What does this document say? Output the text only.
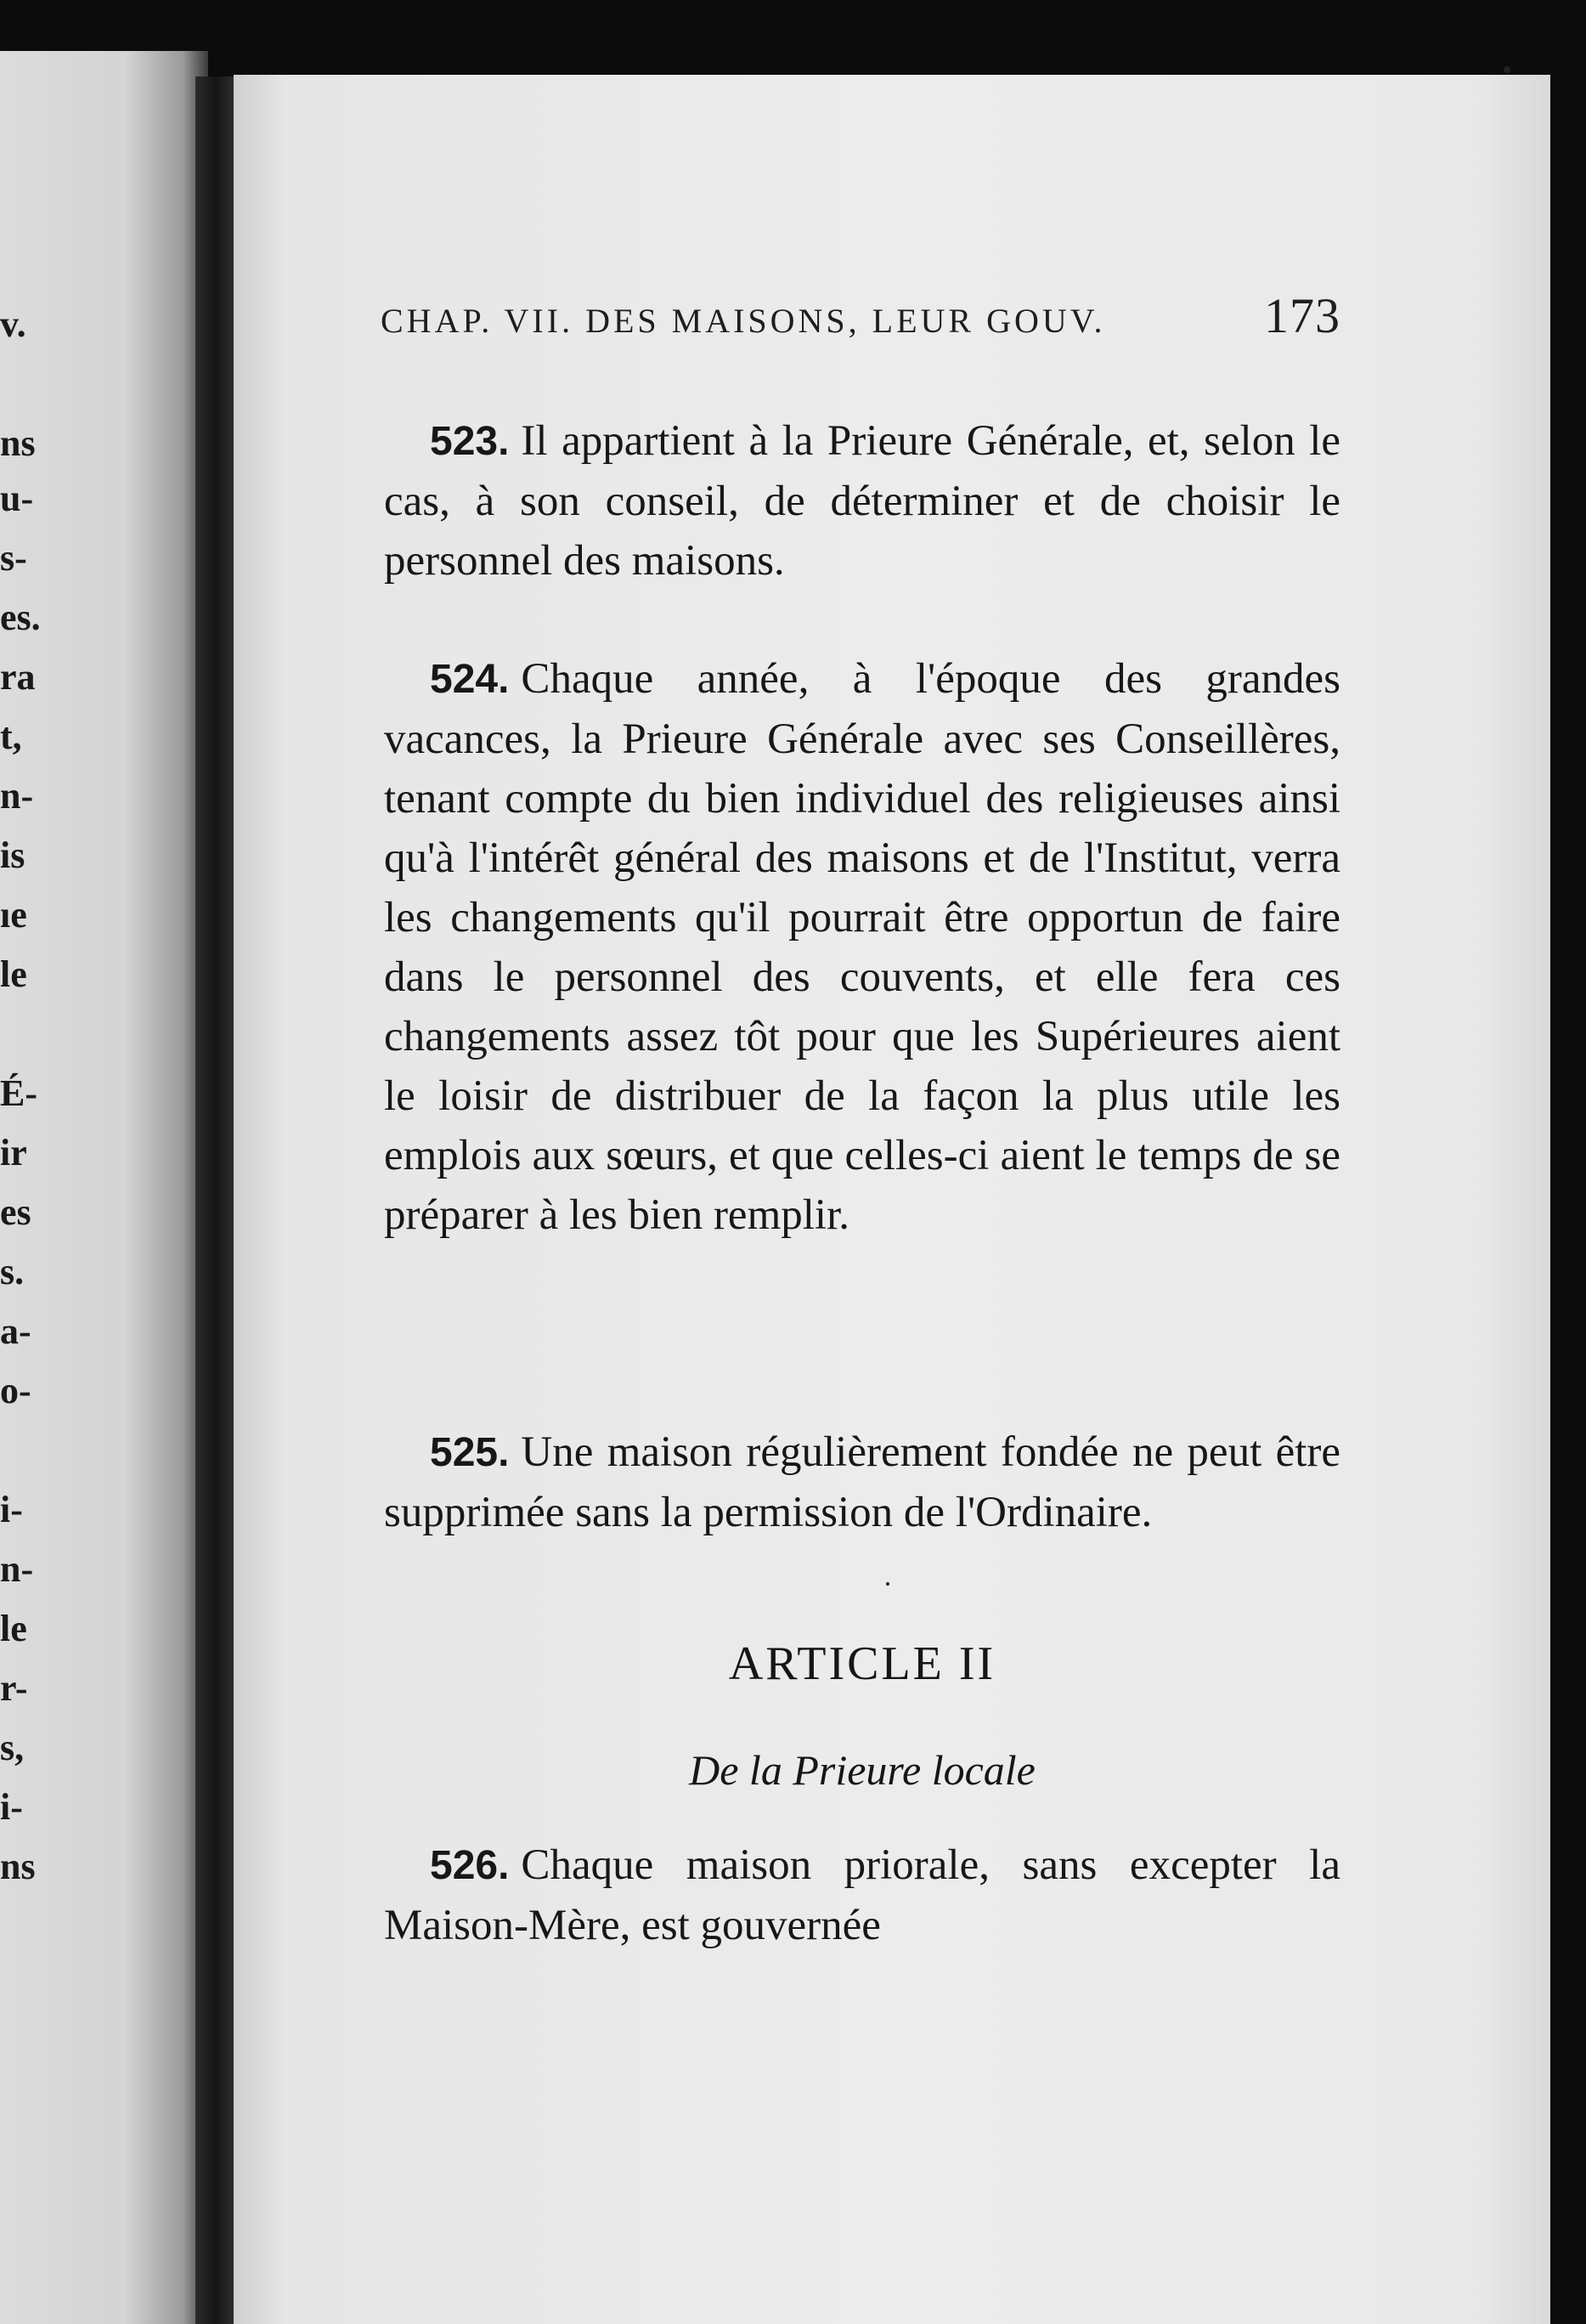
v.
ns
u-
s-
es.
ra
t,
n-
is
ıe
le
É-
ir
es
s.
a-
o-
i-
n-
le
r-
s,
i-
ns
CHAP. VII. DES MAISONS, LEUR GOUV.	173
523. Il appartient à la Prieure Générale, et, selon le cas, à son conseil, de déterminer et de choisir le personnel des maisons.
524. Chaque année, à l'époque des grandes vacances, la Prieure Générale avec ses Conseillères, tenant compte du bien individuel des religieuses ainsi qu'à l'intérêt général des maisons et de l'Institut, verra les changements qu'il pourrait être opportun de faire dans le personnel des couvents, et elle fera ces changements assez tôt pour que les Supérieures aient le loisir de distribuer de la façon la plus utile les emplois aux sœurs, et que celles-ci aient le temps de se préparer à les bien remplir.
525. Une maison régulièrement fondée ne peut être supprimée sans la permission de l'Ordinaire.
ARTICLE II
De la Prieure locale
526. Chaque maison priorale, sans excepter la Maison-Mère, est gouvernée
